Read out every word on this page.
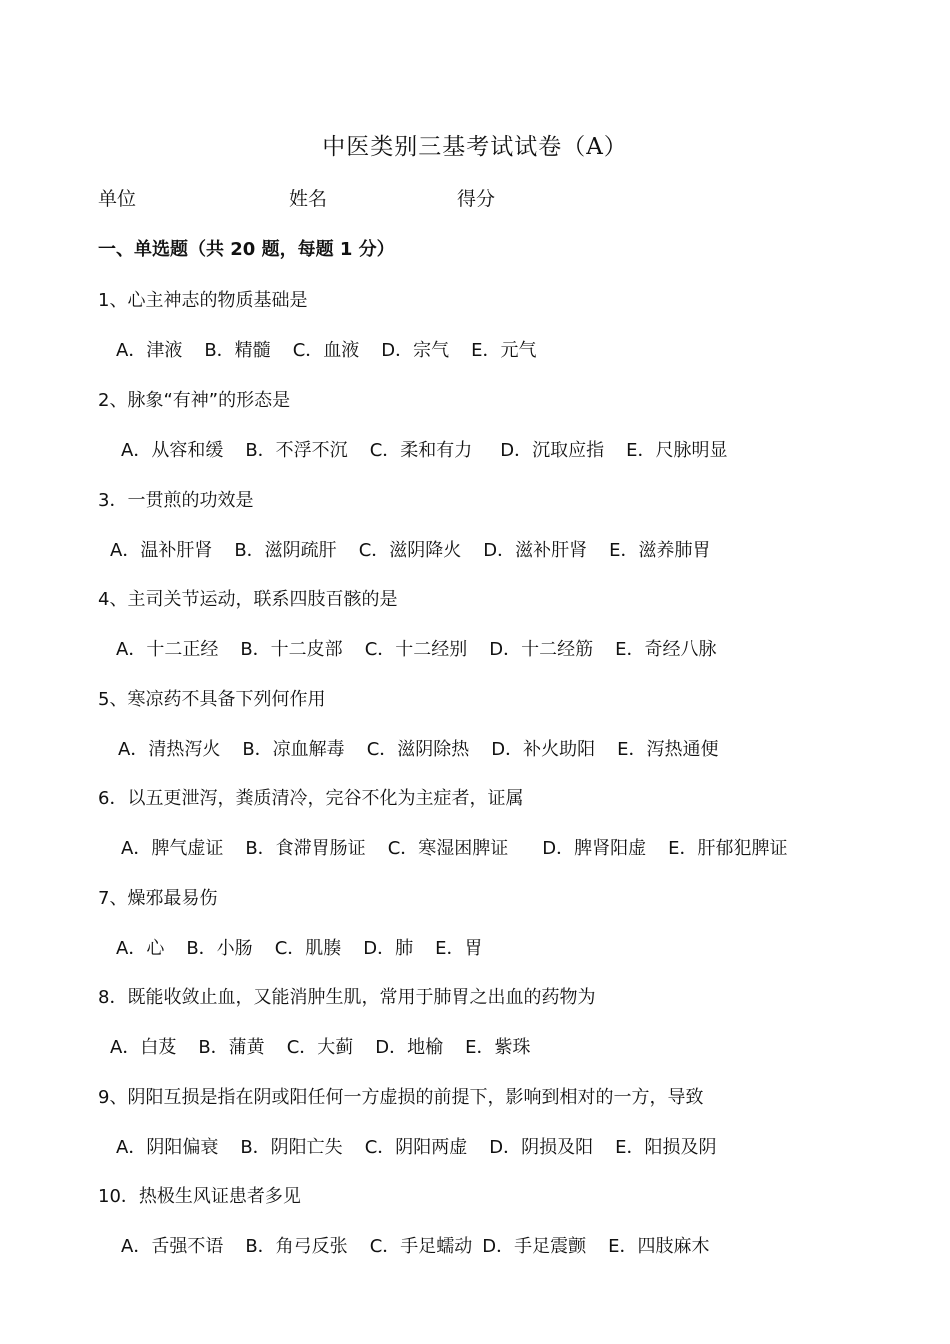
中医类别三基考试试卷（A）
单位	姓名	得分
一、单选题（共 20 题，每题 1 分）
1、心主神志的物质基础是
A．津液 B．精髓 C．血液 D．宗气 E．元气
2、脉象“有神”的形态是
A．从容和缓 B．不浮不沉 C．柔和有力 D．沉取应指 E．尺脉明显
3．一贯煎的功效是
A．温补肝肾 B．滋阴疏肝 C．滋阴降火 D．滋补肝肾 E．滋养肺胃
4、主司关节运动，联系四肢百骸的是
A．十二正经 B．十二皮部 C．十二经别 D．十二经筋 E．奇经八脉
5、寒凉药不具备下列何作用
A．清热泻火 B．凉血解毒 C．滋阴除热 D．补火助阳 E．泻热通便
6．以五更泄泻，粪质清冷，完谷不化为主症者，证属
A．脾气虚证 B．食滞胃肠证 C．寒湿困脾证 D．脾肾阳虚 E．肝郁犯脾证
7、燥邪最易伤
A．心 B．小肠 C．肌腠 D．肺 E．胃
8．既能收敛止血，又能消肿生肌，常用于肺胃之出血的药物为
A．白芨 B．蒲黄 C．大蓟 D．地榆 E．紫珠
9、阴阳互损是指在阴或阳任何一方虚损的前提下，影响到相对的一方，导致
A．阴阳偏衰 B．阴阳亡失 C．阴阳两虚 D．阴损及阳 E．阳损及阴
10．热极生风证患者多见
A．舌强不语 B．角弓反张 C．手足蠕动 D．手足震颤 E．四肢麻木
